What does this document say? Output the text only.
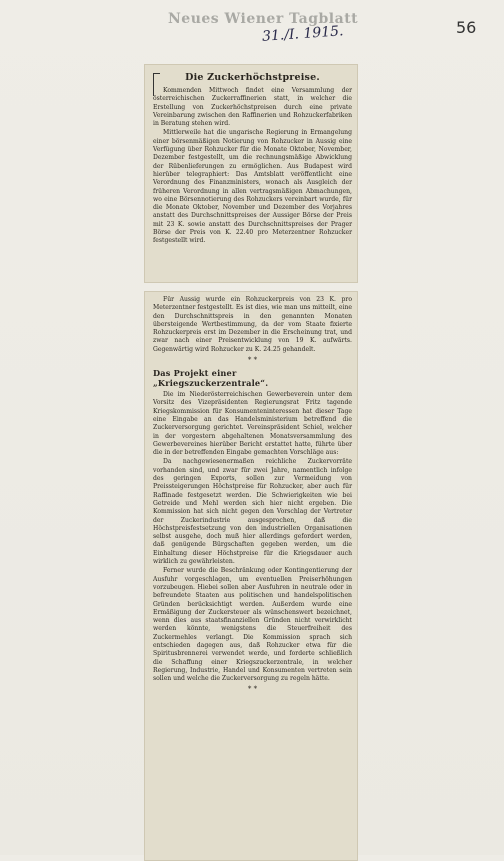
Neues Wiener Tagblatt
31./I. 1915.	56
Die Zuckerhöchstpreise.

Kommenden Mittwoch findet eine Versammlung der österreichischen Zuckerraffinerien statt, in welcher die Erstellung von Zuckerhöchstpreisen durch eine private Vereinbarung zwischen den Raffinerien und Rohzuckerfabriken in Beratung stehen wird.

Mittlerweile hat die ungarische Regierung in Ermangelung einer börsenmäßigen Notierung von Rohzucker in Aussig eine Verfügung über Rohzucker für die Monate Oktober, November, Dezember festgestellt, um die rechnungsmäßige Abwicklung der Rübenlieferungen zu ermöglichen. Aus Budapest wird hierüber telegraphiert: Das Amtsblatt veröffentlicht eine Verordnung des Finanzministers, wonach als Ausgleich der früheren Verordnung in allen vertragsmäßigen Abmachungen, wo eine Börsennotierung des Rohzuckers vereinbart wurde, für die Monate Oktober, November und Dezember des Vorjahres anstatt des Durchschnittspreises der Aussiger Börse der Preis mit 23 K. sowie anstatt des Durchschnittspreises der Prager Börse der Preis von K. 22.40 pro Meterzentner Rohzucker festgestellt wird.

Für Aussig wurde ein Rohzuckerpreis von 23 K. pro Meterzentner festgestellt. Es ist dies, wie man uns mitteilt, eine den Durchschnittspreis in den genannten Monaten übersteigende Wertbestimmung, da der vom Staate fixierte Rohzuckerpreis erst im Dezember in die Erscheinung trat, und zwar nach einer Preisentwicklung von 19 K. aufwärts. Gegenwärtig wird Rohzucker zu K. 24.25 gehandelt.

* *
Das Projekt einer „Kriegszuckerzentrale“.

Die im Niederösterreichischen Gewerbeverein unter dem Vorsitz des Vizepräsidenten Regierungsrat Fritz tagende Kriegskommission für Konsumenteninteressen hat dieser Tage eine Eingabe an das Handelsministerium betreffend die Zuckerversorgung gerichtet. Vereinspräsident Schiel, welcher in der vorgestern abgehaltenen Monatsversammlung des Gewerbevereines hierüber Bericht erstattet hatte, führte über die in der betreffenden Eingabe gemachten Vorschläge aus:

Da nachgewiesenermaßen reichliche Zuckervorräte vorhanden sind, und zwar für zwei Jahre, namentlich infolge des geringen Exports, sollen zur Vermeidung von Preissteigerungen Höchstpreise für Rohzucker, aber auch für Raffinade festgesetzt werden. Die Schwierigkeiten wie bei Getreide und Mehl werden sich hier nicht ergeben. Die Kommission hat sich nicht gegen den Vorschlag der Vertreter der Zuckerindustrie ausgesprochen, daß die Höchstpreisfestsetzung von den industriellen Organisationen selbst ausgehe, doch muß hier allerdings gefordert werden, daß genügende Bürgschaften gegeben werden, um die Einhaltung dieser Höchstpreise für die Kriegsdauer auch wirklich zu gewährleisten.

Ferner wurde die Beschränkung oder Kontingentierung der Ausfuhr vorgeschlagen, um eventuellen Preiserhöhungen vorzubeugen. Hiebei sollen aber Ausfuhren in neutrale oder in befreundete Staaten aus politischen und handelspolitischen Gründen berücksichtigt werden. Außerdem wurde eine Ermäßigung der Zuckersteuer als wünschenswert bezeichnet, wenn dies aus staatsfinanziellen Gründen nicht verwirklicht werden könnte, wenigstens die Steuerfreiheit des Zuckermehles verlangt. Die Kommission sprach sich entschieden dagegen aus, daß Rohzucker etwa für die Spiritusbrennerei verwendet werde, und forderte schließlich die Schaffung einer Kriegszuckerzentrale, in welcher Regierung, Industrie, Handel und Konsumenten vertreten sein sollen und welche die Zuckerversorgung zu regeln hätte.

* *
